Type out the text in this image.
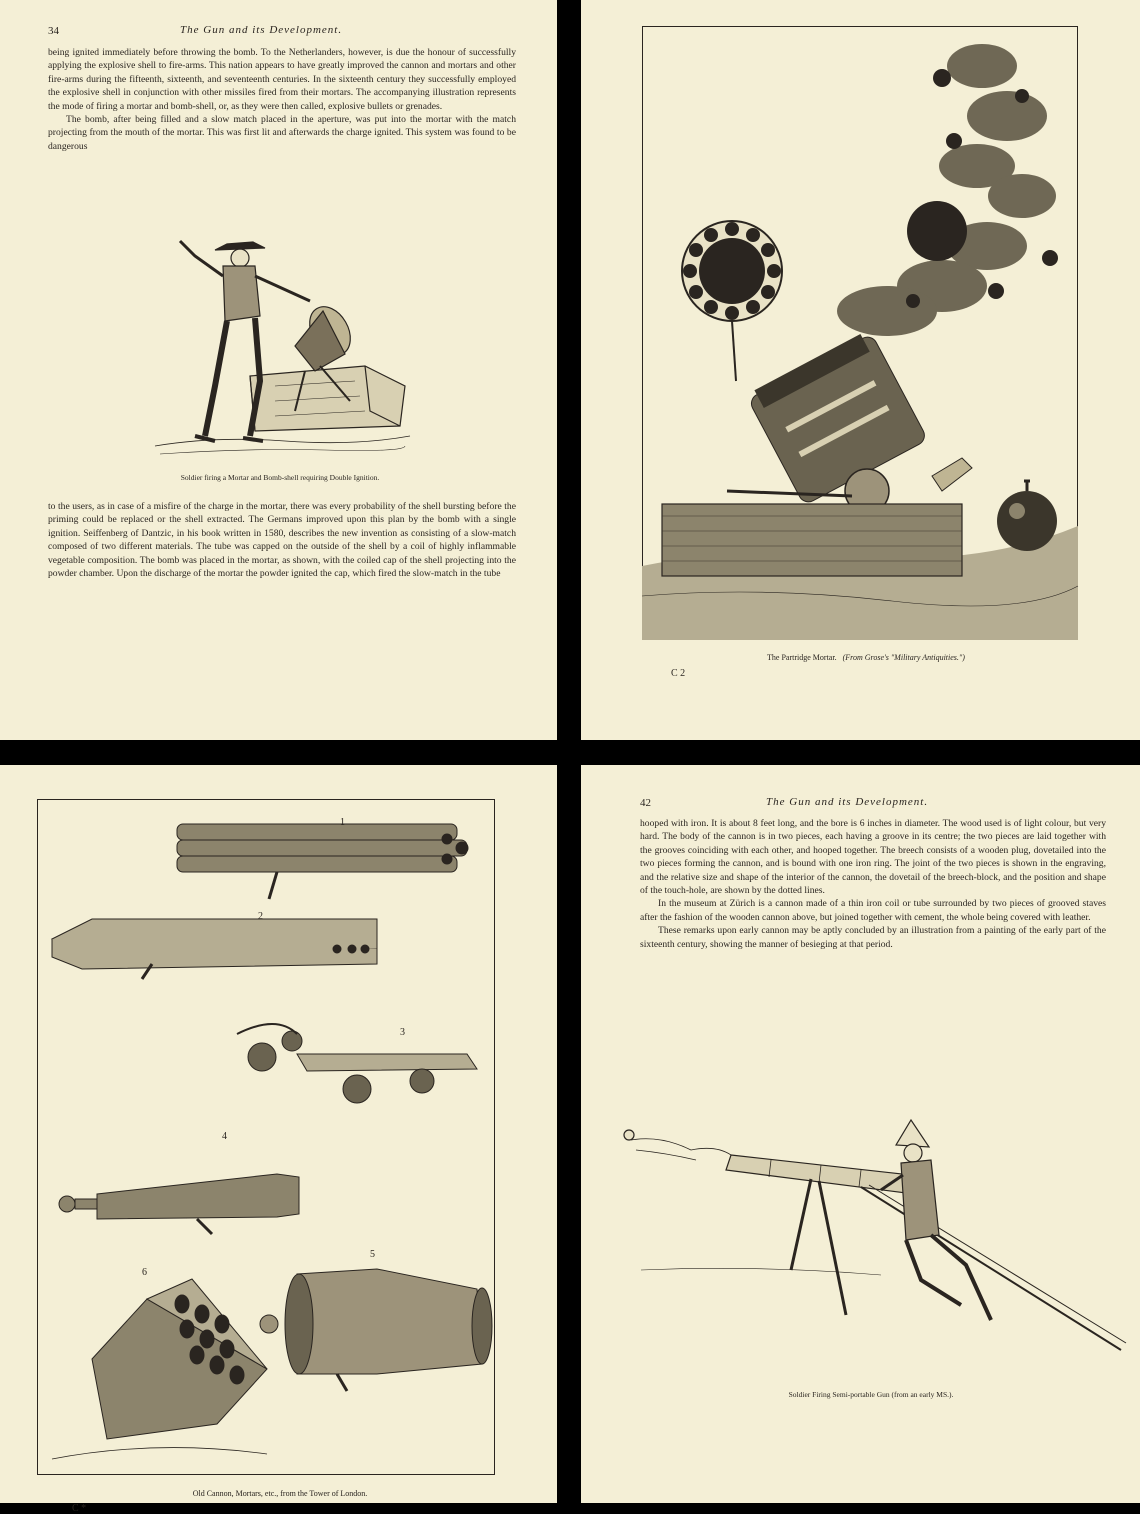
34	The Gun and its Development.

being ignited immediately before throwing the bomb. To the Netherlanders, however, is due the honour of successfully applying the explosive shell to fire-arms. This nation appears to have greatly improved the cannon and mortars and other fire-arms during the fifteenth, sixteenth, and seventeenth centuries. In the sixteenth century they successfully employed the explosive shell in conjunction with other missiles fired from their mortars. The accompanying illustration represents the mode of firing a mortar and bomb-shell, or, as they were then called, explosive bullets or grenades.

The bomb, after being filled and a slow match placed in the aperture, was put into the mortar with the match projecting from the mouth of the mortar. This was first lit and afterwards the charge ignited. This system was found to be dangerous

Soldier firing a Mortar and Bomb-shell requiring Double Ignition.

to the users, as in case of a misfire of the charge in the mortar, there was every probability of the shell bursting before the priming could be replaced or the shell extracted. The Germans improved upon this plan by the bomb with a single ignition. Seiffenberg of Dantzic, in his book written in 1580, describes the new invention as consisting of a slow-match composed of two different materials. The tube was capped on the outside of the shell by a coil of highly inflammable vegetable composition. The bomb was placed in the mortar, as shown, with the coiled cap of the shell projecting into the powder chamber. Upon the discharge of the mortar the powder ignited the cap, which fired the slow-match in the tube

The Partridge Mortar. (From Grose's "Military Antiquities.")
C 2
1
2
3
4
5
6
Old Cannon, Mortars, etc., from the Tower of London.
C *
42	The Gun and its Development.

hooped with iron. It is about 8 feet long, and the bore is 6 inches in diameter. The wood used is of light colour, but very hard. The body of the cannon is in two pieces, each having a groove in its centre; the two pieces are laid together with the grooves coinciding with each other, and hooped together. The breech consists of a wooden plug, dovetailed into the two pieces forming the cannon, and is bound with one iron ring. The joint of the two pieces is shown in the engraving, and the relative size and shape of the interior of the cannon, the dovetail of the breech-block, and the position and shape of the touch-hole, are shown by the dotted lines.

In the museum at Zürich is a cannon made of a thin iron coil or tube surrounded by two pieces of grooved staves after the fashion of the wooden cannon above, but joined together with cement, the whole being covered with leather.

These remarks upon early cannon may be aptly concluded by an illustration from a painting of the early part of the sixteenth century, showing the manner of besieging at that period.

Soldier Firing Semi-portable Gun (from an early MS.).
